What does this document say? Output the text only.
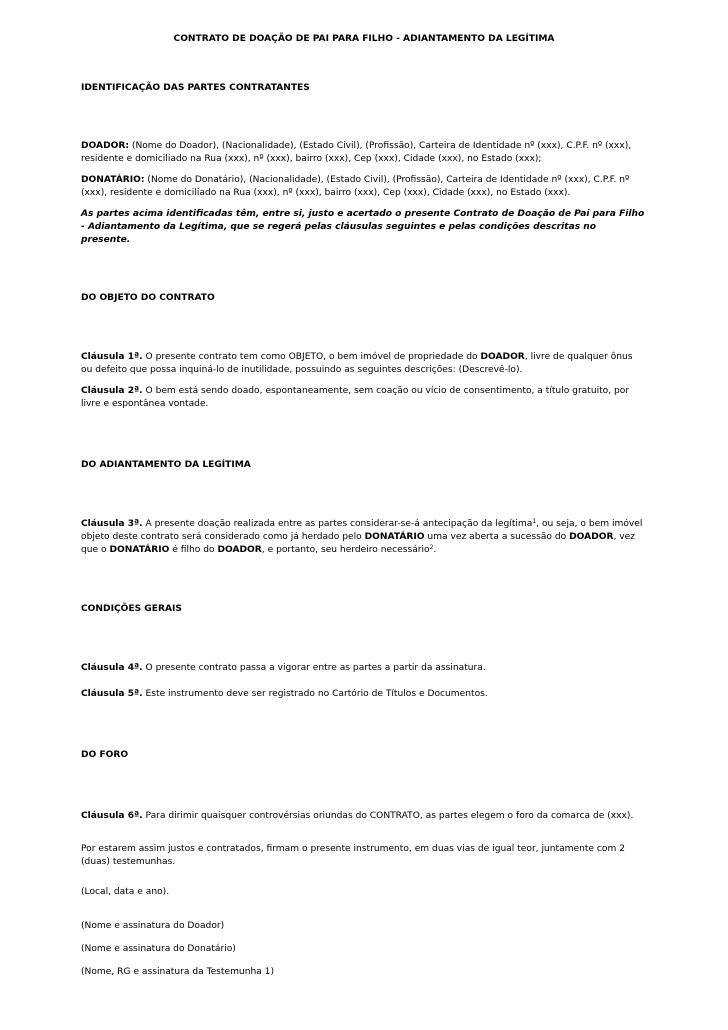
CONTRATO DE DOAÇÃO DE PAI PARA FILHO - ADIANTAMENTO DA LEGÍTIMA

IDENTIFICAÇÃO DAS PARTES CONTRATANTES

DOADOR: (Nome do Doador), (Nacionalidade), (Estado Civil), (Profissão), Carteira de Identidade nº (xxx), C.P.F. nº (xxx), residente e domiciliado na Rua (xxx), nº (xxx), bairro (xxx), Cep (xxx), Cidade (xxx), no Estado (xxx);

DONATÁRIO: (Nome do Donatário), (Nacionalidade), (Estado Civil), (Profissão), Carteira de Identidade nº (xxx), C.P.F. nº (xxx), residente e domiciliado na Rua (xxx), nº (xxx), bairro (xxx), Cep (xxx), Cidade (xxx), no Estado (xxx).

As partes acima identificadas têm, entre si, justo e acertado o presente Contrato de Doação de Pai para Filho - Adiantamento da Legítima, que se regerá pelas cláusulas seguintes e pelas condições descritas no presente.

DO OBJETO DO CONTRATO

Cláusula 1ª. O presente contrato tem como OBJETO, o bem imóvel de propriedade do DOADOR, livre de qualquer ônus ou defeito que possa inquiná-lo de inutilidade, possuindo as seguintes descrições: (Descrevê-lo).

Cláusula 2ª. O bem está sendo doado, espontaneamente, sem coação ou vício de consentimento, a título gratuito, por livre e espontânea vontade.

DO ADIANTAMENTO DA LEGÍTIMA

Cláusula 3ª. A presente doação realizada entre as partes considerar-se-á antecipação da legítima$^1$, ou seja, o bem imóvel objeto deste contrato será considerado como já herdado pelo DONATÁRIO uma vez aberta a sucessão do DOADOR, vez que o DONATÁRIO é filho do DOADOR, e portanto, seu herdeiro necessário$^2$.

CONDIÇÕES GERAIS

Cláusula 4ª. O presente contrato passa a vigorar entre as partes a partir da assinatura.

Cláusula 5ª. Este instrumento deve ser registrado no Cartório de Títulos e Documentos.

DO FORO

Cláusula 6ª. Para dirimir quaisquer controvérsias oriundas do CONTRATO, as partes elegem o foro da comarca de (xxx).

Por estarem assim justos e contratados, firmam o presente instrumento, em duas vias de igual teor, juntamente com 2 (duas) testemunhas.

(Local, data e ano).

(Nome e assinatura do Doador)

(Nome e assinatura do Donatário)

(Nome, RG e assinatura da Testemunha 1)
